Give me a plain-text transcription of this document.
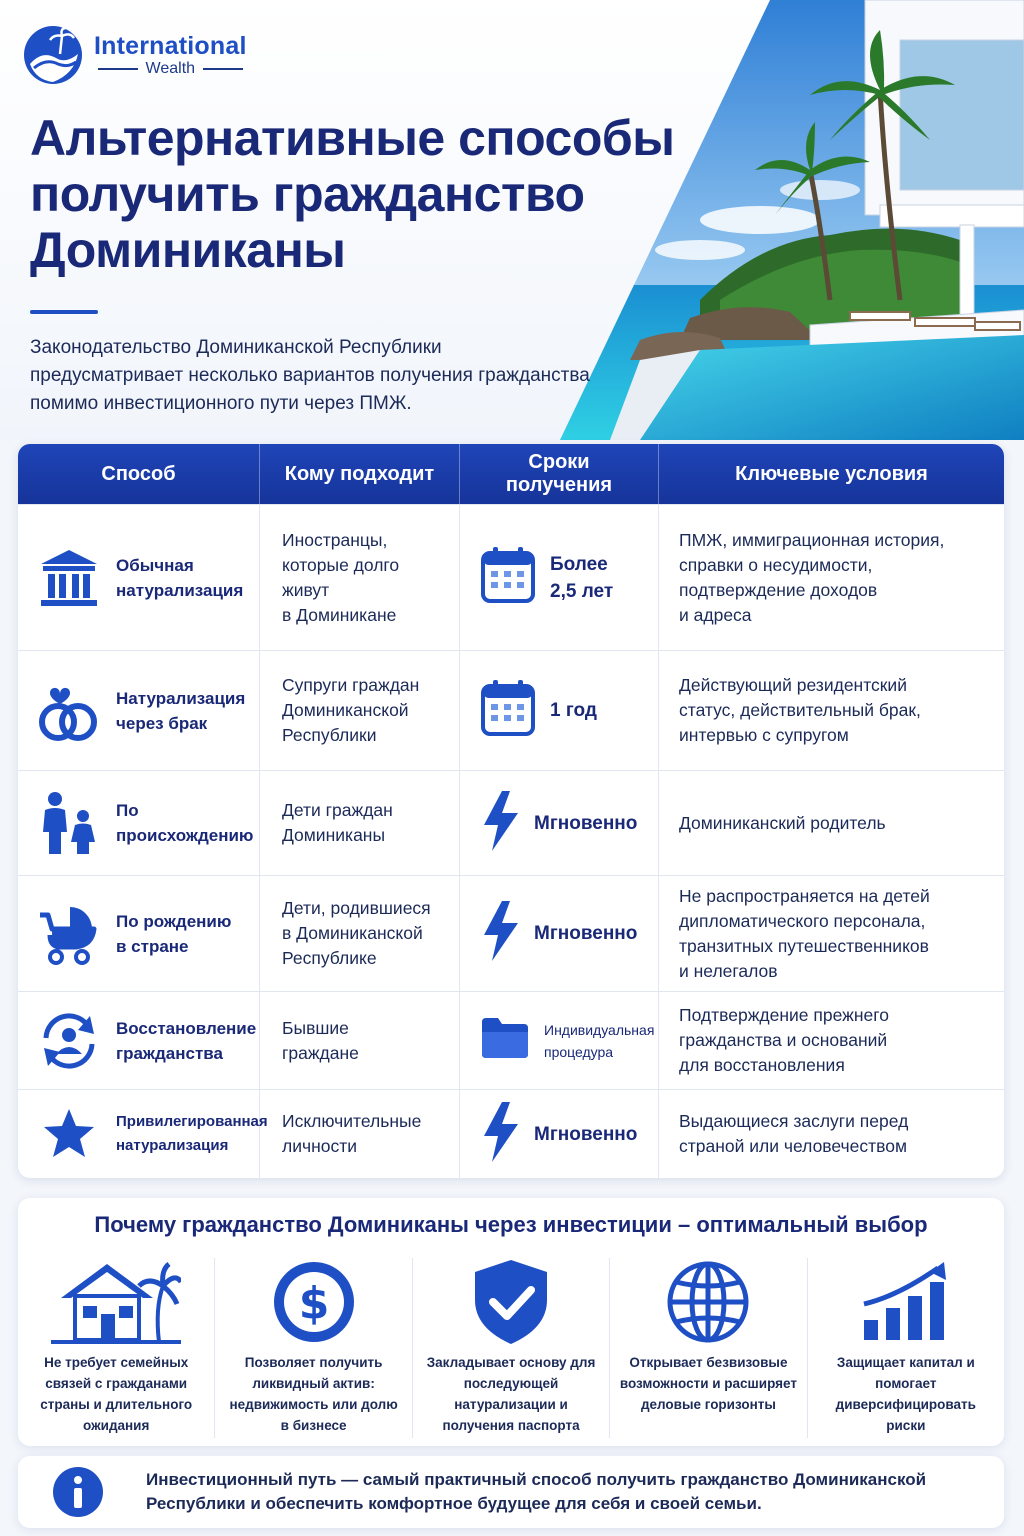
International
Wealth
Альтернативные способы получить гражданство Доминиканы
Законодательство Доминиканской Республики предусматривает несколько вариантов получения гражданства помимо инвестиционного пути через ПМЖ.
Способ	Кому подходит
Сроки
получения
Ключевые условия
Обычная
натурализация
Иностранцы,
которые долго
живут
в Доминикане
Более
2,5 лет
ПМЖ, иммиграционная история,
справки о несудимости,
подтверждение доходов
и адреса
Натурализация
через брак
Супруги граждан
Доминиканской
Республики
1 год
Действующий резидентский
статус, действительный брак,
интервью с супругом
По
происхождению
Дети граждан
Доминиканы
Мгновенно	Доминиканский родитель
По рождению
в стране
Дети, родившиеся
в Доминиканской
Республике
Мгновенно
Не распространяется на детей
дипломатического персонала,
транзитных путешественников
и нелегалов
Восстановление
гражданства
Бывшие
граждане
Индивидуальная
процедура
Подтверждение прежнего
гражданства и оснований
для восстановления
Привилегированная
натурализация
Исключительные
личности
Мгновенно
Выдающиеся заслуги перед
страной или человечеством
Почему гражданство Доминиканы через инвестиции – оптимальный выбор
Не требует семейных связей с гражданами страны и длительного ожидания
$
Позволяет получить ликвидный актив: недвижимость или долю в бизнесе
Закладывает основу для последующей натурализации и получения паспорта
Открывает безвизовые возможности и расширяет деловые горизонты
Защищает капитал и помогает диверсифицировать риски
Инвестиционный путь — самый практичный способ получить гражданство Доминиканской Республики и обеспечить комфортное будущее для себя и своей семьи.
